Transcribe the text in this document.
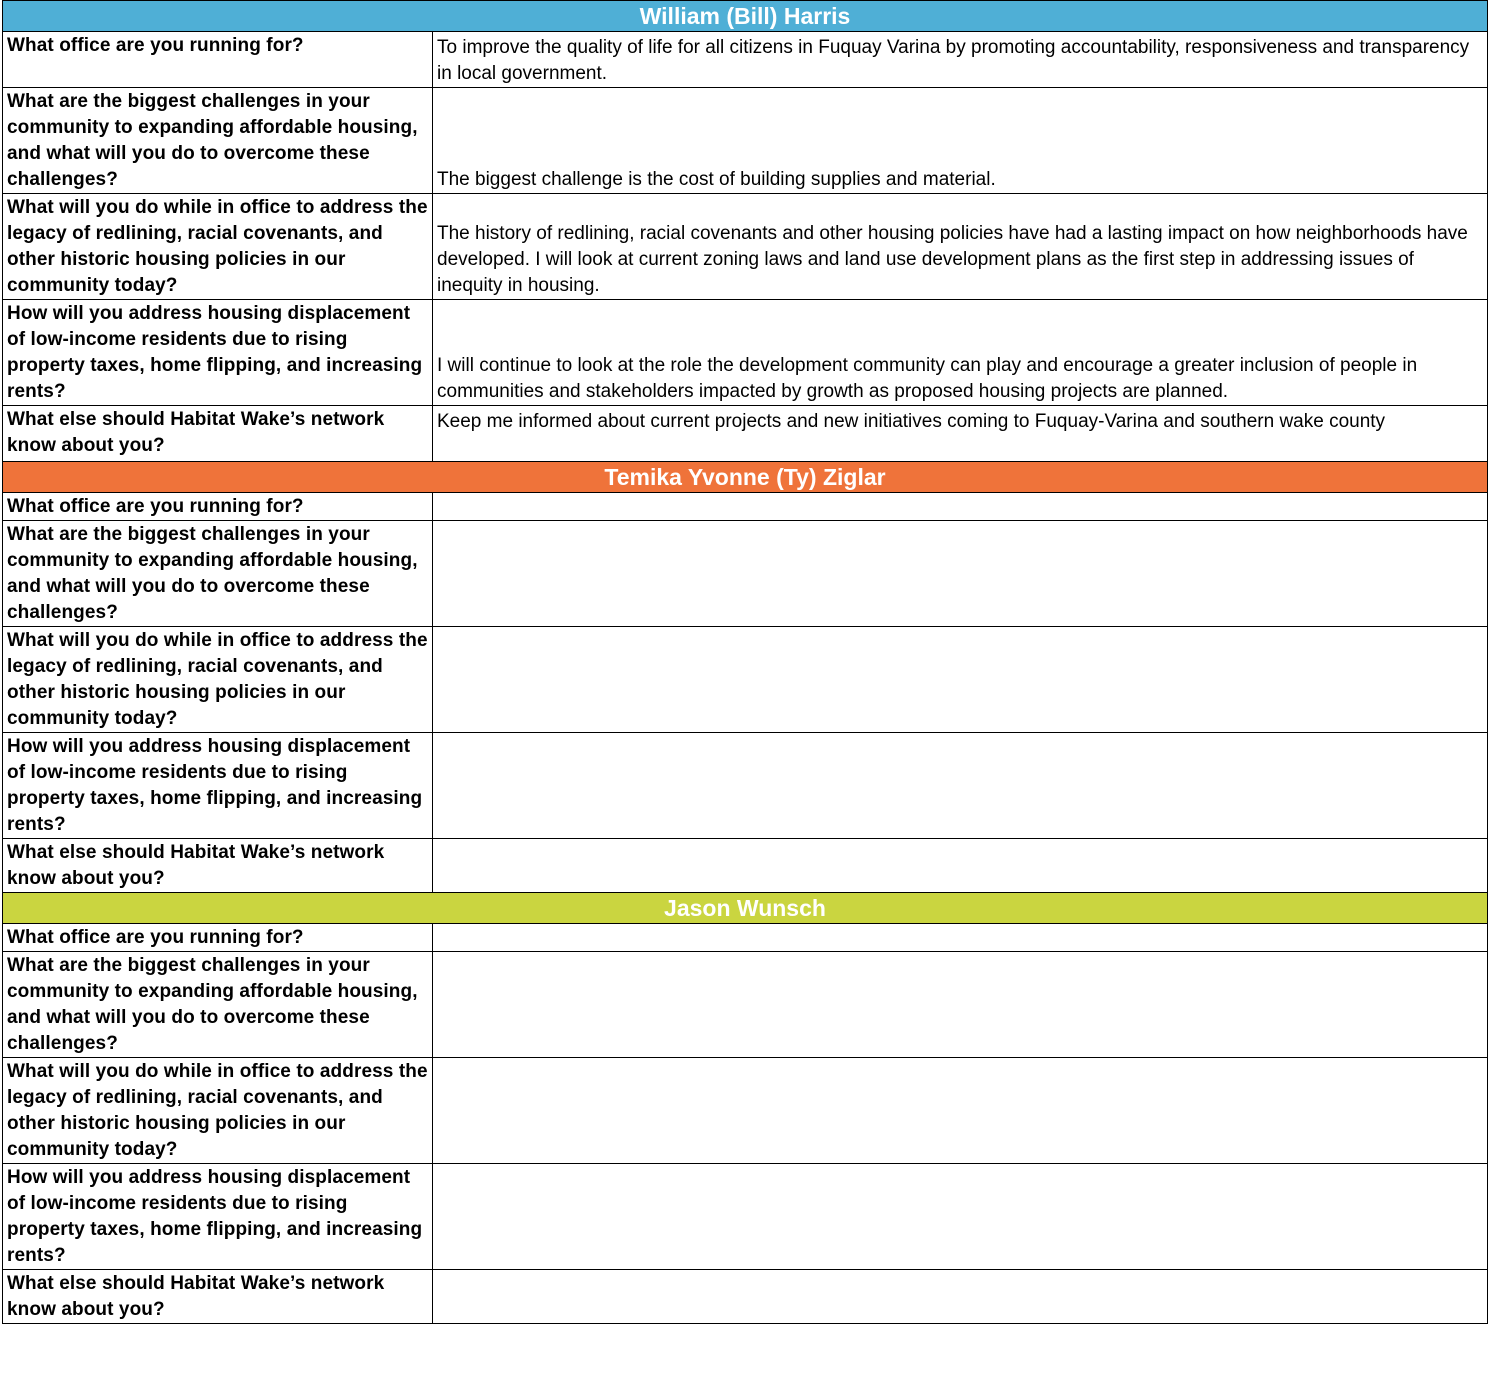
William (Bill) Harris	
What office are you running for?	To improve the quality of life for all citizens in Fuquay Varina by promoting accountability, responsiveness and transparency in local government.
What are the biggest challenges in your community to expanding affordable housing, and what will you do to overcome these challenges?	The biggest challenge is the cost of building supplies and material.
What will you do while in office to address the legacy of redlining, racial covenants, and other historic housing policies in our community today?	The history of redlining, racial covenants and other housing policies have had a lasting impact on how neighborhoods have developed. I will look at current zoning laws and land use development plans as the first step in addressing issues of inequity in housing.
How will you address housing displacement of low-income residents due to rising property taxes, home flipping, and increasing rents?	I will continue to look at the role the development community can play and encourage a greater inclusion of people in communities and stakeholders impacted by growth as proposed housing projects are planned.
What else should Habitat Wake’s network know about you?	Keep me informed about current projects and new initiatives coming to Fuquay-Varina and southern wake county
Temika Yvonne (Ty) Ziglar	
What office are you running for?	
What are the biggest challenges in your community to expanding affordable housing, and what will you do to overcome these challenges?	
What will you do while in office to address the legacy of redlining, racial covenants, and other historic housing policies in our community today?	
How will you address housing displacement of low-income residents due to rising property taxes, home flipping, and increasing rents?	
What else should Habitat Wake’s network know about you?	
Jason Wunsch	
What office are you running for?	
What are the biggest challenges in your community to expanding affordable housing, and what will you do to overcome these challenges?	
What will you do while in office to address the legacy of redlining, racial covenants, and other historic housing policies in our community today?	
How will you address housing displacement of low-income residents due to rising property taxes, home flipping, and increasing rents?	
What else should Habitat Wake’s network know about you?	
